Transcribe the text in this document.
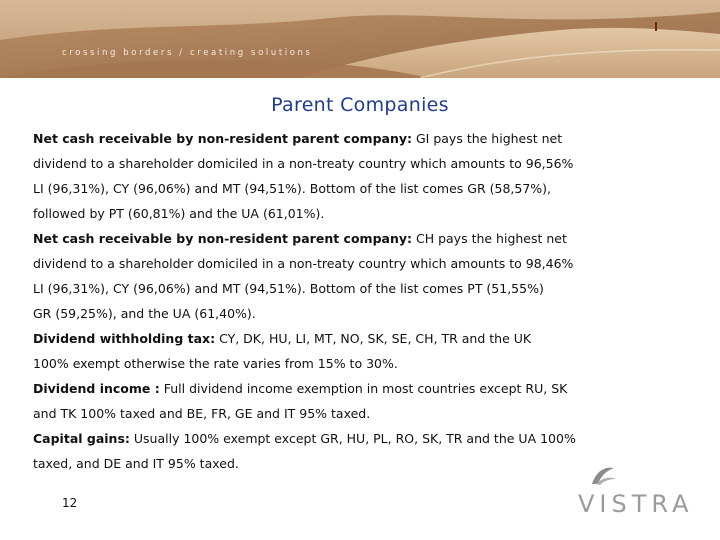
crossing borders / creating solutions
Parent Companies
Net cash receivable by non-resident parent company: GI pays the highest net
dividend to a shareholder domiciled in a non-treaty country which amounts to 96,56%
LI (96,31%), CY (96,06%) and MT (94,51%). Bottom of the list comes GR (58,57%),
followed by PT (60,81%) and the UA (61,01%).
Net cash receivable by non-resident parent company: CH pays the highest net
dividend to a shareholder domiciled in a non-treaty country which amounts to 98,46%
LI (96,31%), CY (96,06%) and MT (94,51%). Bottom of the list comes PT (51,55%)
GR (59,25%), and the UA (61,40%).
Dividend withholding tax: CY, DK, HU, LI, MT, NO, SK, SE, CH, TR and the UK
100% exempt otherwise the rate varies from 15% to 30%.
Dividend income : Full dividend income exemption in most countries except RU, SK
and TK 100% taxed and BE, FR, GE and IT 95% taxed.
Capital gains: Usually 100% exempt except GR, HU, PL, RO, SK, TR and the UA 100%
taxed, and DE and IT 95% taxed.
12	VISTRA
